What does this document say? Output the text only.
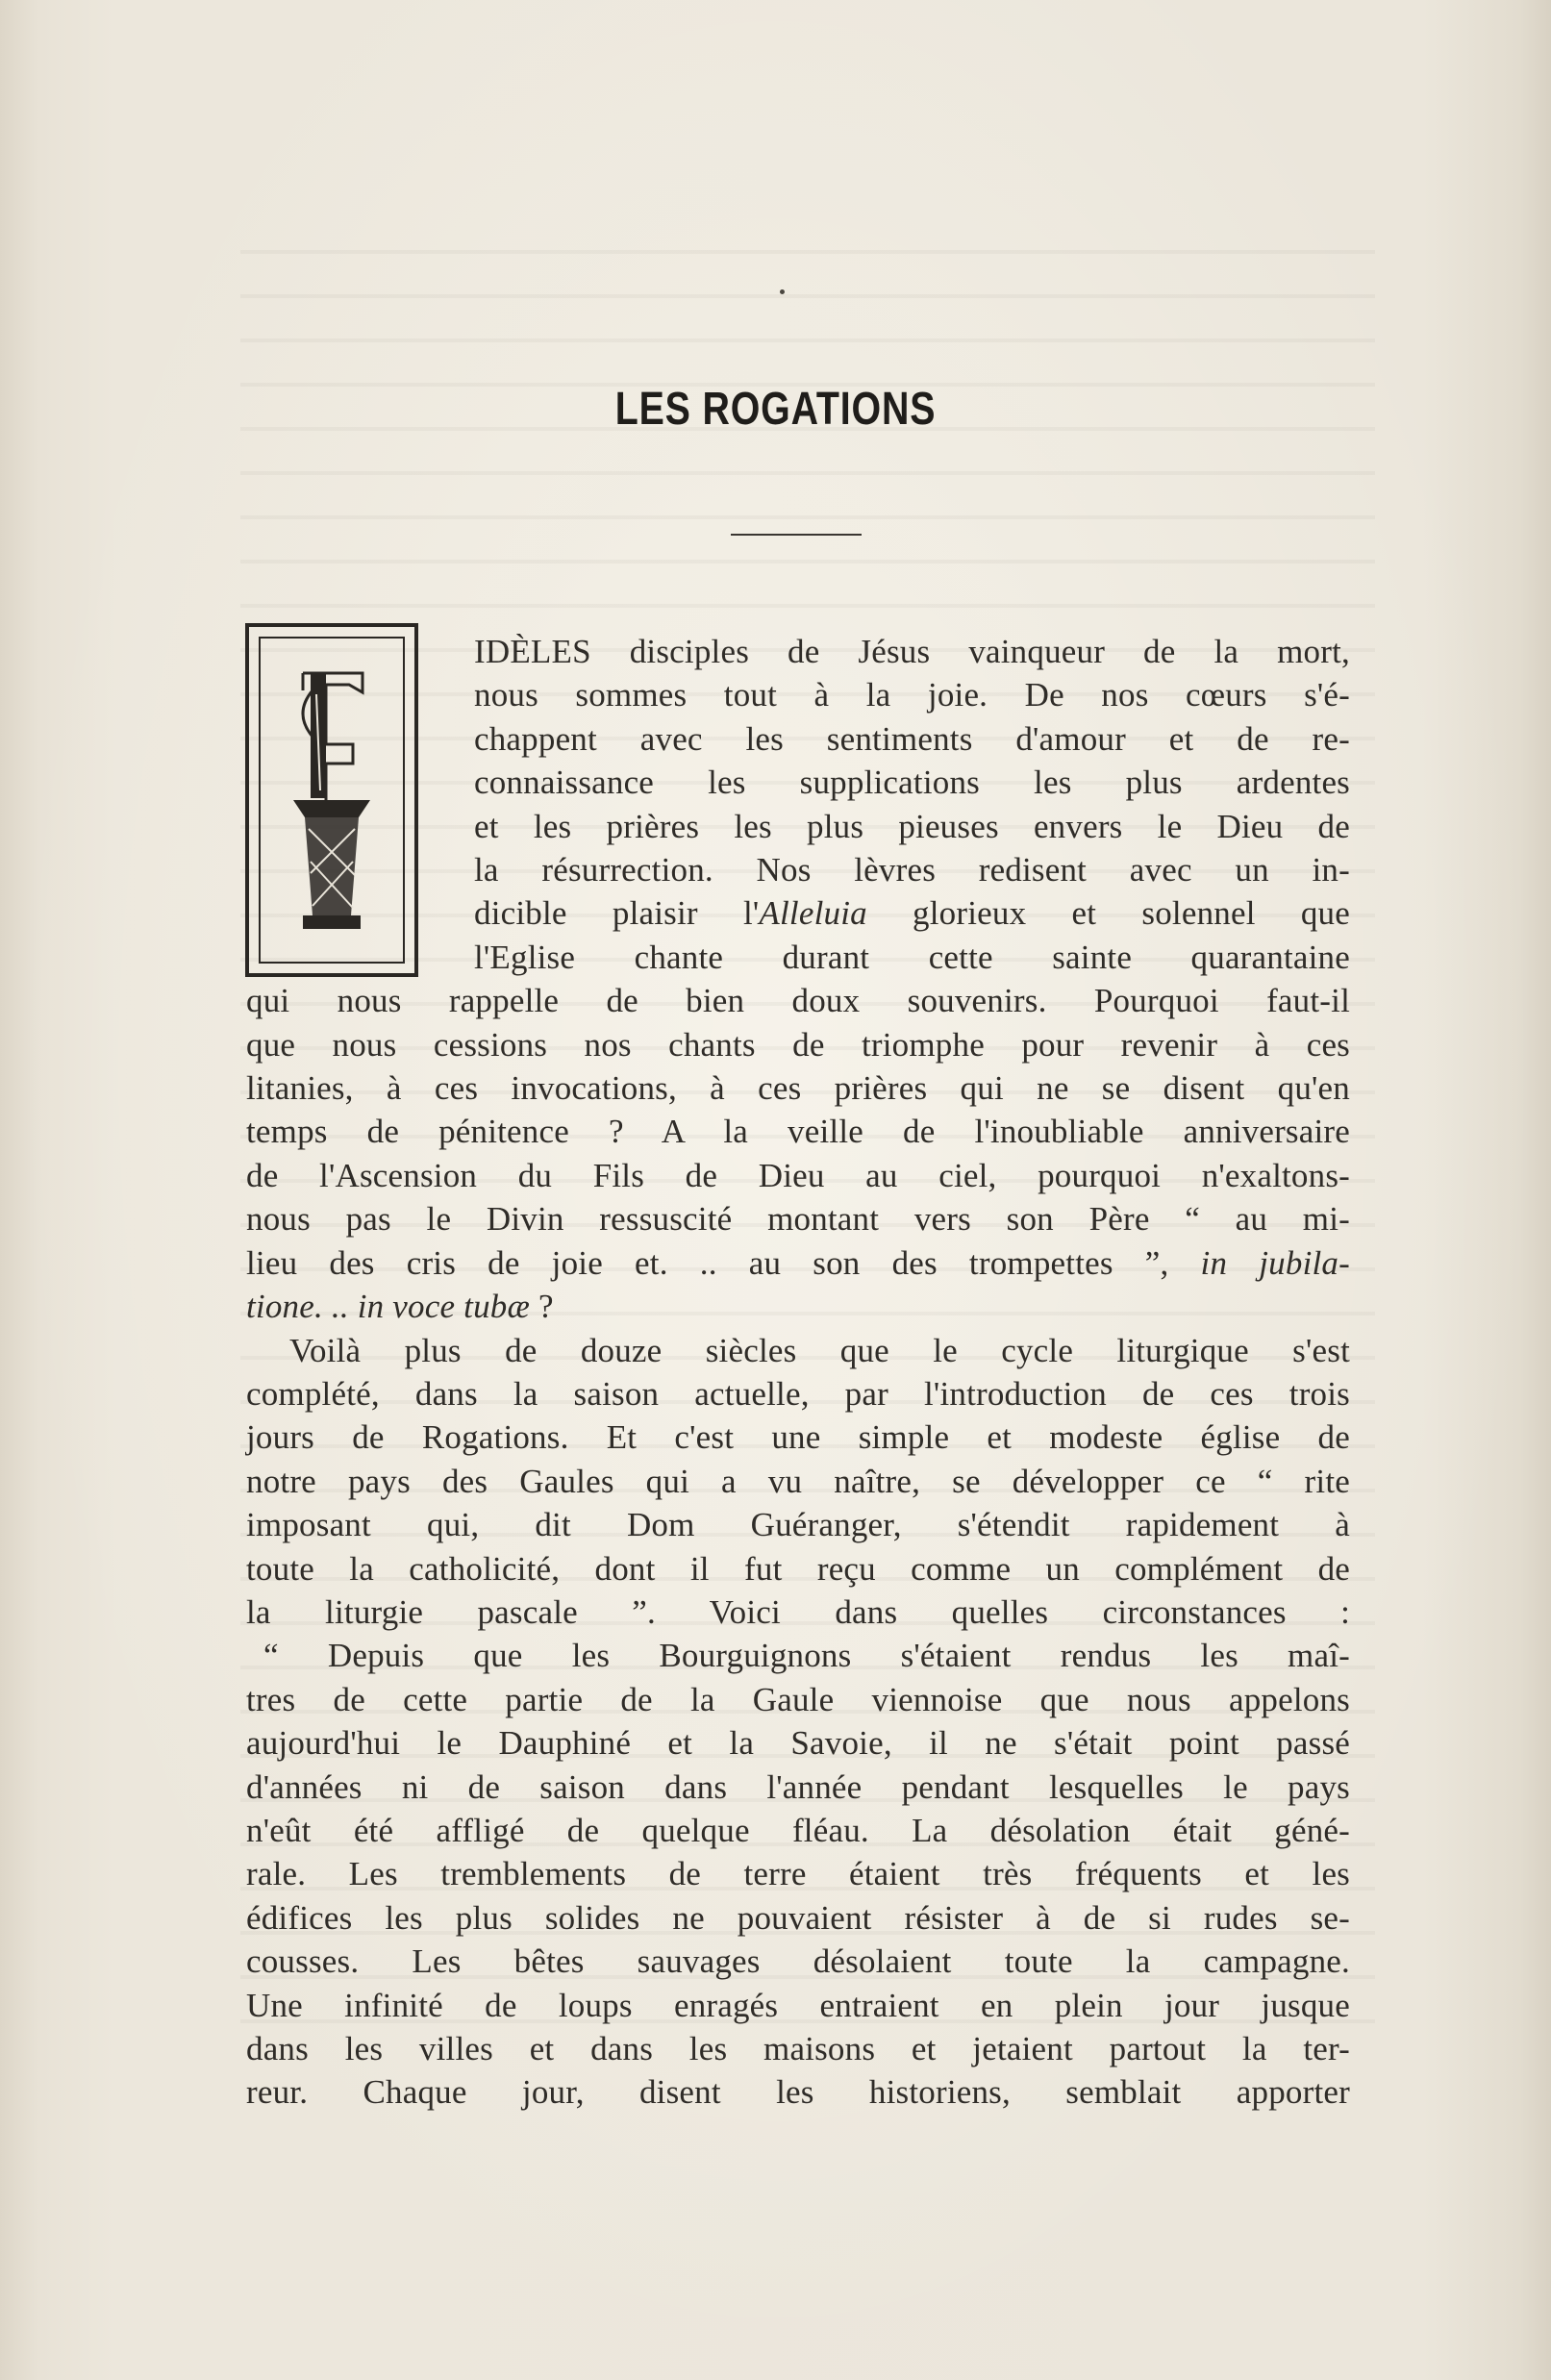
LES ROGATIONS
IDÈLES disciples de Jésus vainqueur de la mort,
nous sommes tout à la joie. De nos cœurs s'é-
chappent avec les sentiments d'amour et de re-
connaissance les supplications les plus ardentes
et les prières les plus pieuses envers le Dieu de
la résurrection. Nos lèvres redisent avec un in-
dicible plaisir l'Alleluia glorieux et solennel que
l'Eglise chante durant cette sainte quarantaine
qui nous rappelle de bien doux souvenirs. Pourquoi faut-il
que nous cessions nos chants de triomphe pour revenir à ces
litanies, à ces invocations, à ces prières qui ne se disent qu'en
temps de pénitence ? A la veille de l'inoubliable anniversaire
de l'Ascension du Fils de Dieu au ciel, pourquoi n'exaltons-
nous pas le Divin ressuscité montant vers son Père “ au mi-
lieu des cris de joie et. .. au son des trompettes ”, in jubila-
tione. .. in voce tubæ ?
Voilà plus de douze siècles que le cycle liturgique s'est
complété, dans la saison actuelle, par l'introduction de ces trois
jours de Rogations. Et c'est une simple et modeste église de
notre pays des Gaules qui a vu naître, se développer ce “ rite
imposant qui, dit Dom Guéranger, s'étendit rapidement à
toute la catholicité, dont il fut reçu comme un complément de
la liturgie pascale ”. Voici dans quelles circonstances :
“ Depuis que les Bourguignons s'étaient rendus les maî-
tres de cette partie de la Gaule viennoise que nous appelons
aujourd'hui le Dauphiné et la Savoie, il ne s'était point passé
d'années ni de saison dans l'année pendant lesquelles le pays
n'eût été affligé de quelque fléau. La désolation était géné-
rale. Les tremblements de terre étaient très fréquents et les
édifices les plus solides ne pouvaient résister à de si rudes se-
cousses. Les bêtes sauvages désolaient toute la campagne.
Une infinité de loups enragés entraient en plein jour jusque
dans les villes et dans les maisons et jetaient partout la ter-
reur. Chaque jour, disent les historiens, semblait apporter
